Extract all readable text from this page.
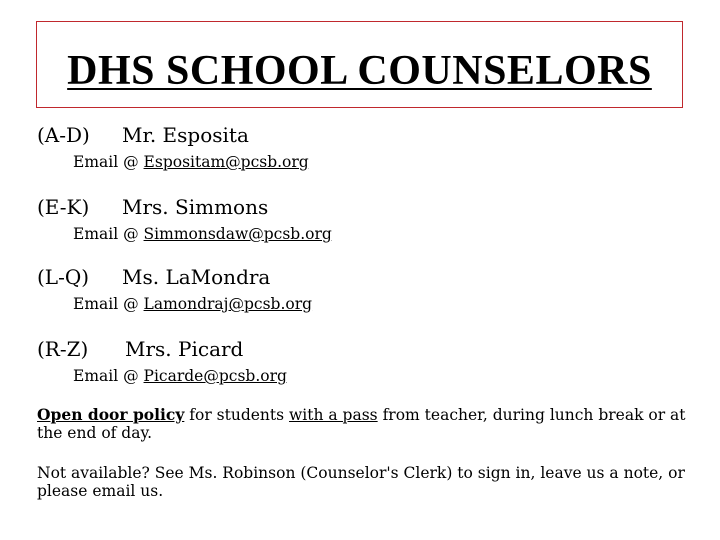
DHS SCHOOL COUNSELORS
(A-D) Mr. Esposita
Email @ Espositam@pcsb.org
(E-K) Mrs. Simmons
Email @ Simmonsdaw@pcsb.org
(L-Q) Ms. LaMondra
Email @ Lamondraj@pcsb.org
(R-Z) Mrs. Picard
Email @ Picarde@pcsb.org

Open door policy for students with a pass from teacher, during lunch break or at the end of day.

Not available? See Ms. Robinson (Counselor's Clerk) to sign in, leave us a note, or please email us.
